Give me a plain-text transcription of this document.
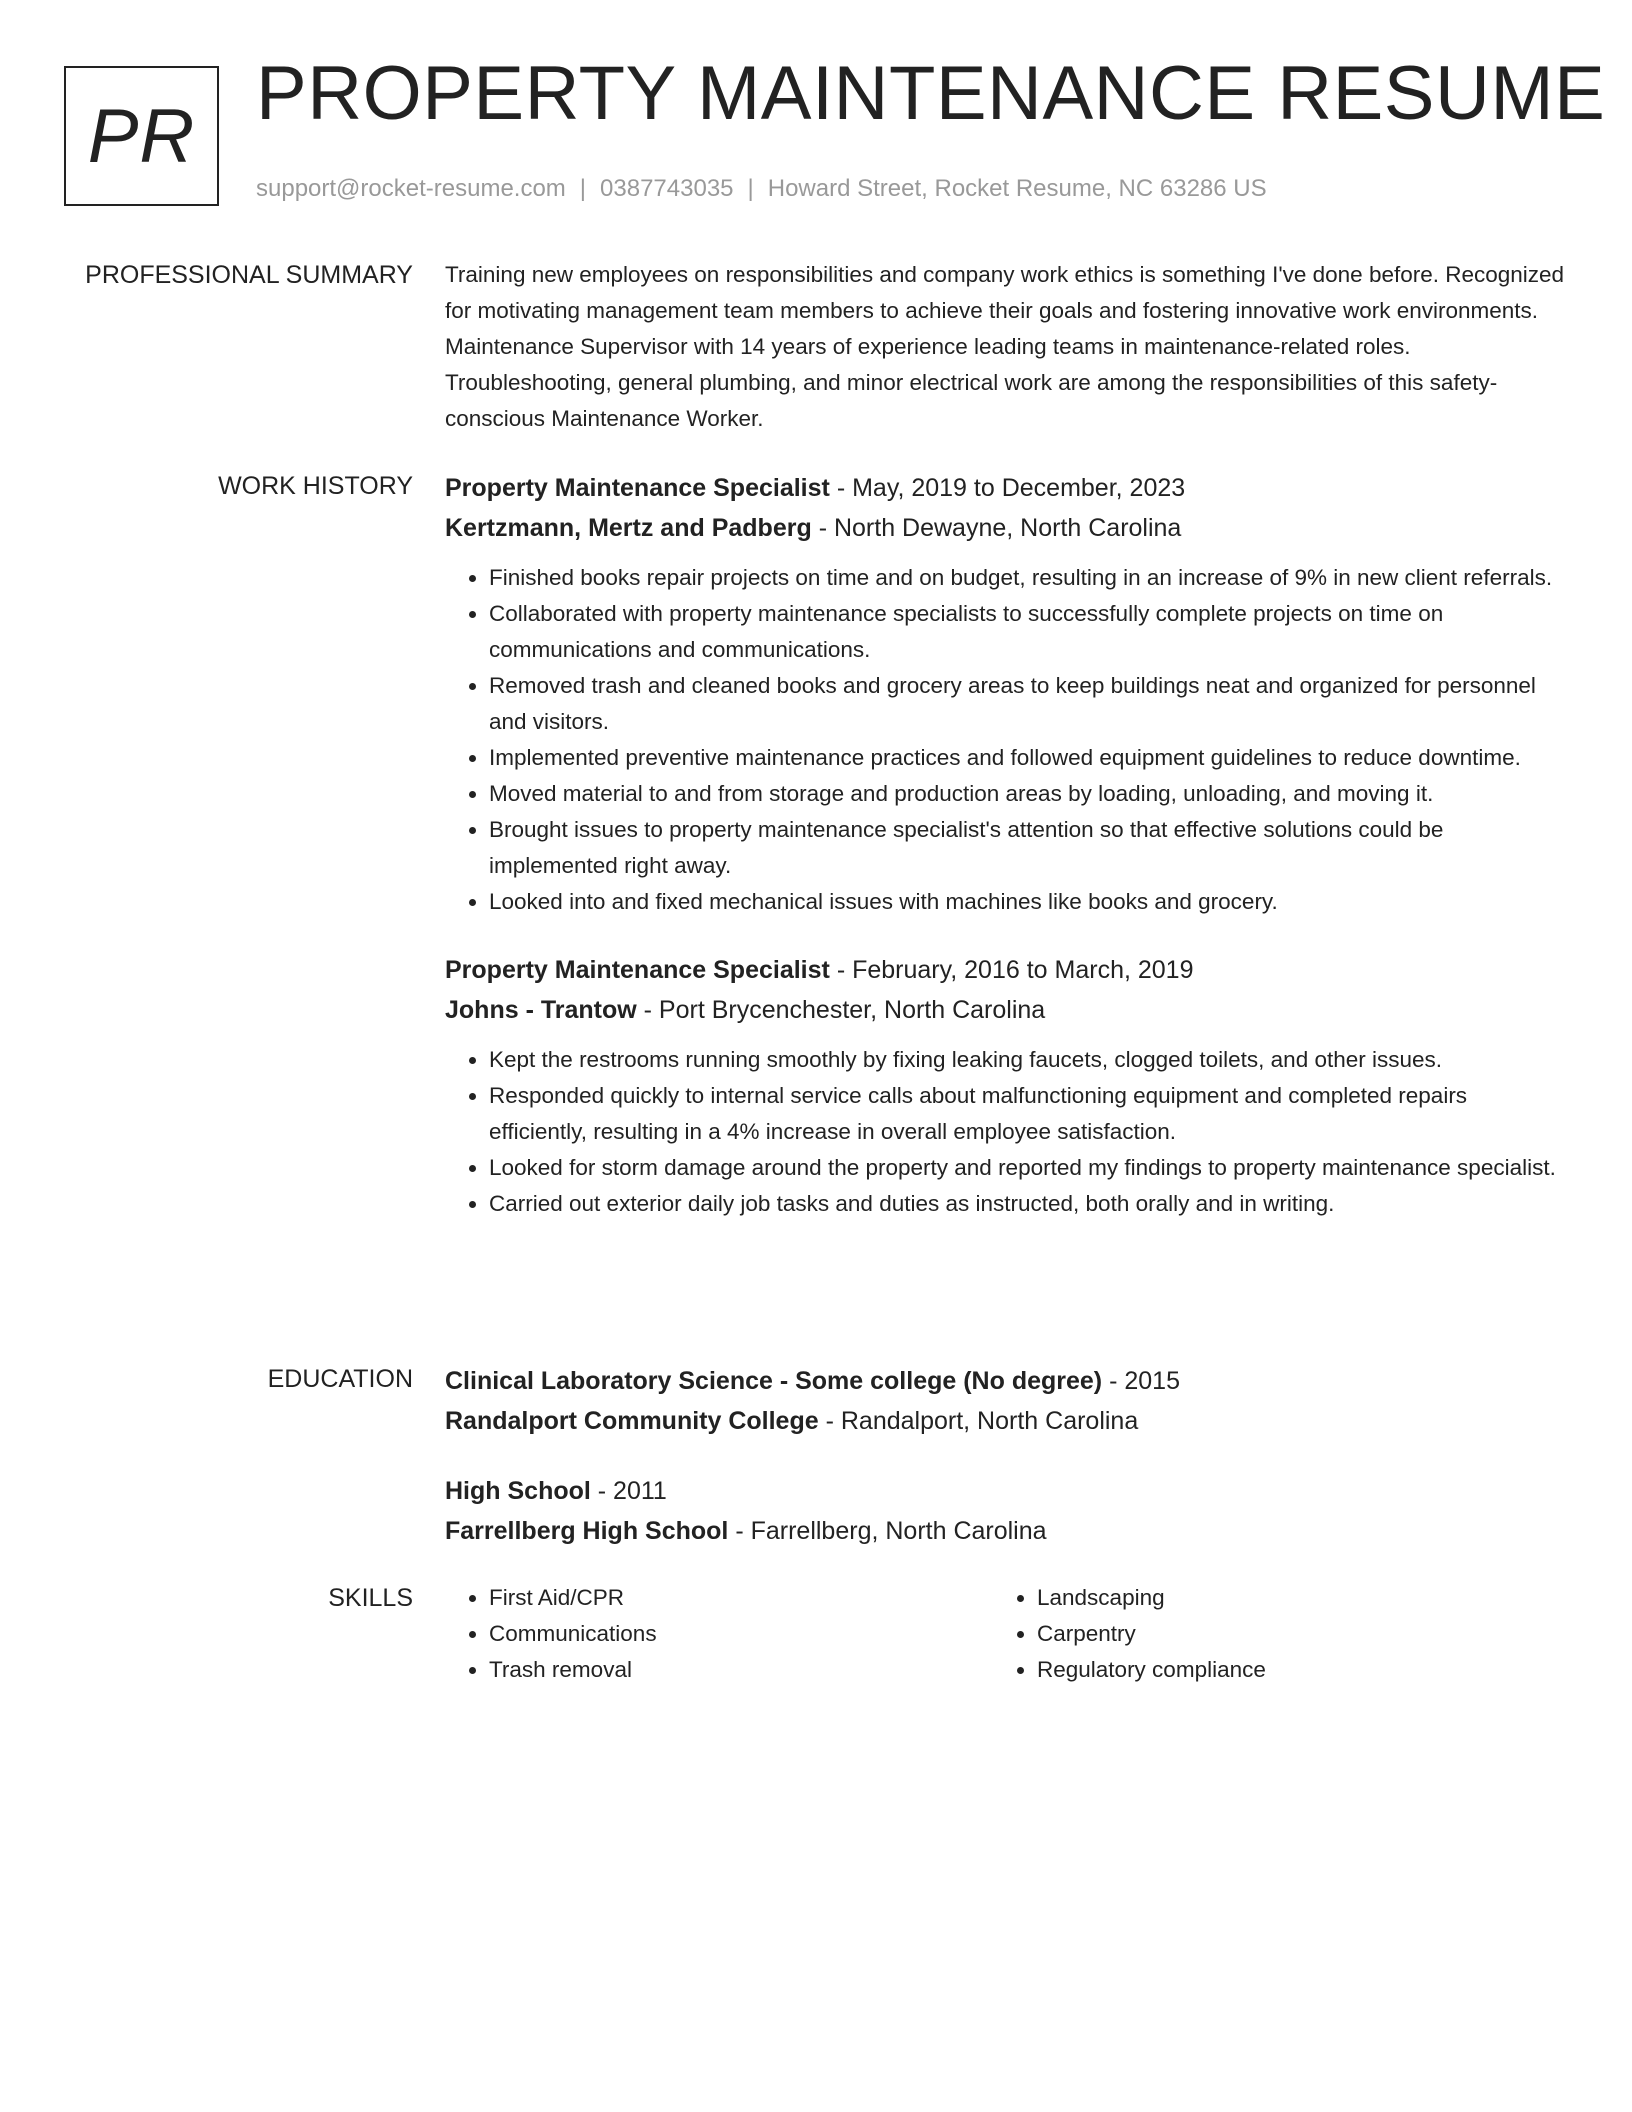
PR PROPERTY MAINTENANCE RESUME
support@rocket-resume.com | 0387743035 | Howard Street, Rocket Resume, NC 63286 US
PROFESSIONAL SUMMARY Training new employees on responsibilities and company work ethics is something I've done before. Recognized for motivating management team members to achieve their goals and fostering innovative work environments. Maintenance Supervisor with 14 years of experience leading teams in maintenance-related roles. Troubleshooting, general plumbing, and minor electrical work are among the responsibilities of this safety-conscious Maintenance Worker.

WORK HISTORY Property Maintenance Specialist - May, 2019 to December, 2023
Kertzmann, Mertz and Padberg - North Dewayne, North Carolina
• Finished books repair projects on time and on budget, resulting in an increase of 9% in new client referrals.
• Collaborated with property maintenance specialists to successfully complete projects on time on communications and communications.
• Removed trash and cleaned books and grocery areas to keep buildings neat and organized for personnel and visitors.
• Implemented preventive maintenance practices and followed equipment guidelines to reduce downtime.
• Moved material to and from storage and production areas by loading, unloading, and moving it.
• Brought issues to property maintenance specialist's attention so that effective solutions could be implemented right away.
• Looked into and fixed mechanical issues with machines like books and grocery.
Property Maintenance Specialist - February, 2016 to March, 2019
Johns - Trantow - Port Brycenchester, North Carolina
• Kept the restrooms running smoothly by fixing leaking faucets, clogged toilets, and other issues.
• Responded quickly to internal service calls about malfunctioning equipment and completed repairs efficiently, resulting in a 4% increase in overall employee satisfaction.
• Looked for storm damage around the property and reported my findings to property maintenance specialist.
• Carried out exterior daily job tasks and duties as instructed, both orally and in writing.
EDUCATION Clinical Laboratory Science - Some college (No degree) - 2015
Randalport Community College - Randalport, North Carolina
High School - 2011
Farrellberg High School - Farrellberg, North Carolina
SKILLS
•	First Aid/CPR
• Communications
• Trash removal
• Landscaping
• Carpentry
• Regulatory compliance
